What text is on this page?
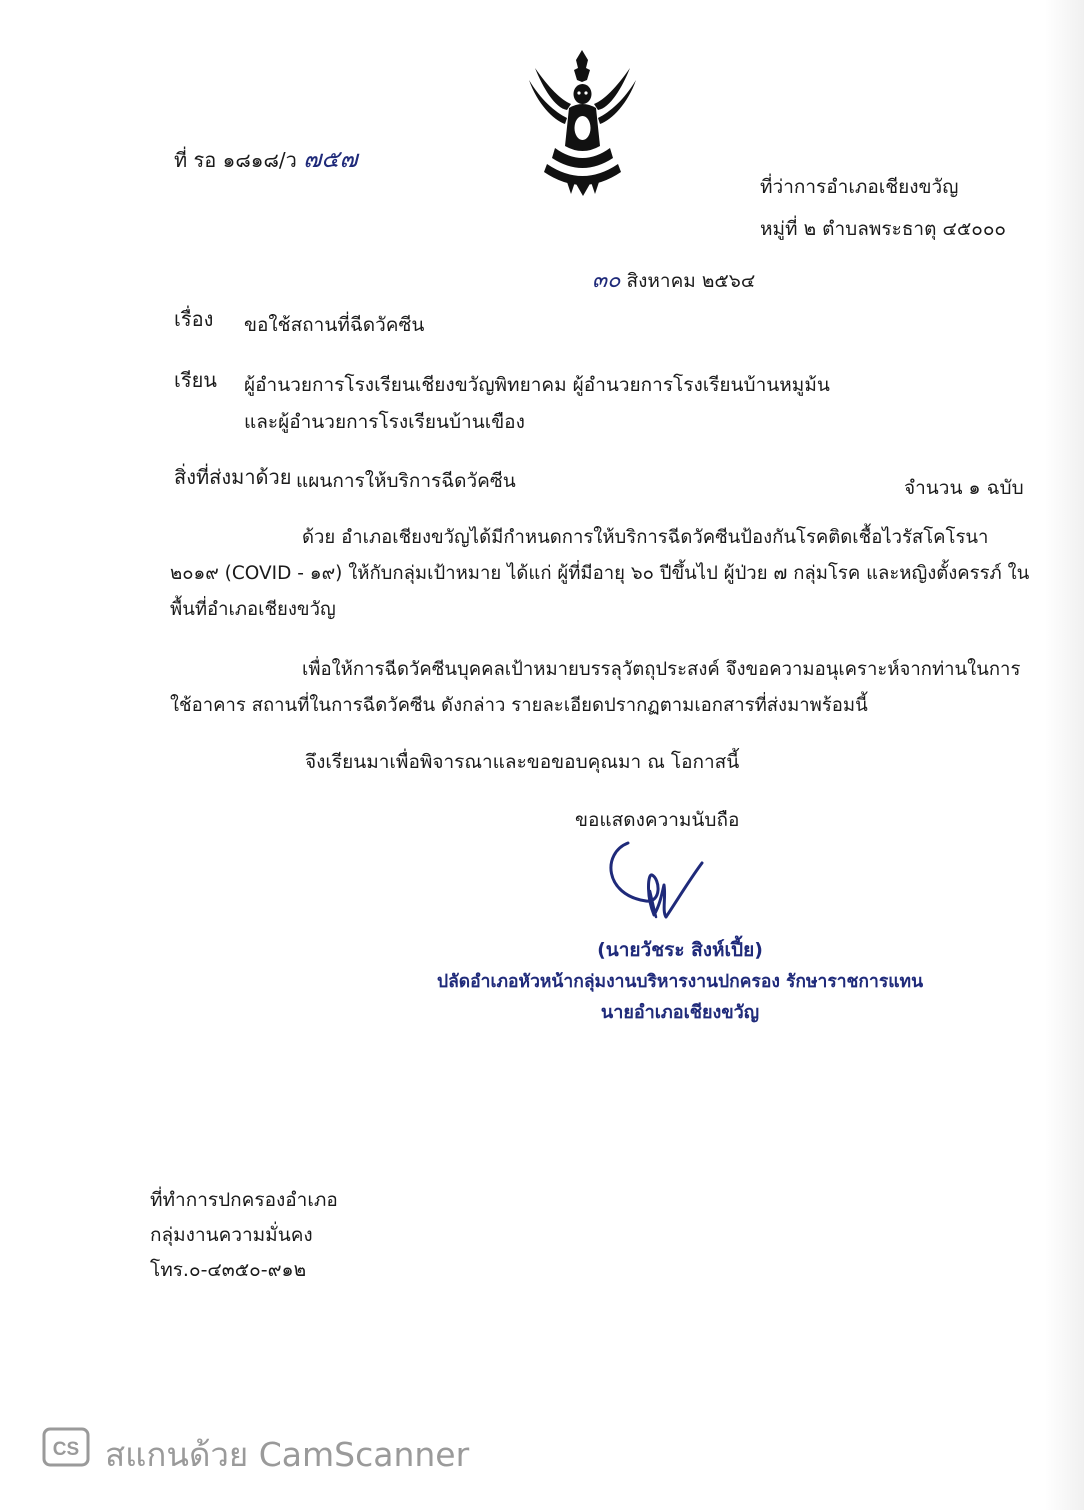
ที่ รอ ๑๘๑๘/ว ๗๕๗
ที่ว่าการอำเภอเชียงขวัญ
หมู่ที่ ๒ ตำบลพระธาตุ ๔๕๐๐๐
๓๐ สิงหาคม ๒๕๖๔
เรื่อง ขอใช้สถานที่ฉีดวัคซีน
เรียน ผู้อำนวยการโรงเรียนเชียงขวัญพิทยาคม ผู้อำนวยการโรงเรียนบ้านหมูม้น
และผู้อำนวยการโรงเรียนบ้านเขือง
สิ่งที่ส่งมาด้วย แผนการให้บริการฉีดวัคซีน	จำนวน ๑ ฉบับ
ด้วย อำเภอเชียงขวัญได้มีกำหนดการให้บริการฉีดวัคซีนป้องกันโรคติดเชื้อไวรัสโคโรนา ๒๐๑๙ (COVID - ๑๙) ให้กับกลุ่มเป้าหมาย ได้แก่ ผู้ที่มีอายุ ๖๐ ปีขึ้นไป ผู้ป่วย ๗ กลุ่มโรค และหญิงตั้งครรภ์ ในพื้นที่อำเภอเชียงขวัญ
เพื่อให้การฉีดวัคซีนบุคคลเป้าหมายบรรลุวัตถุประสงค์ จึงขอความอนุเคราะห์จากท่านในการใช้อาคาร สถานที่ในการฉีดวัคซีน ดังกล่าว รายละเอียดปรากฏตามเอกสารที่ส่งมาพร้อมนี้
จึงเรียนมาเพื่อพิจารณาและขอขอบคุณมา ณ โอกาสนี้
ขอแสดงความนับถือ
(นายวัชระ สิงห์เปี้ย)
ปลัดอำเภอหัวหน้ากลุ่มงานบริหารงานปกครอง รักษาราชการแทน
นายอำเภอเชียงขวัญ
ที่ทำการปกครองอำเภอ
กลุ่มงานความมั่นคง
โทร.๐-๔๓๕๐-๙๑๒
CS สแกนด้วย CamScanner
